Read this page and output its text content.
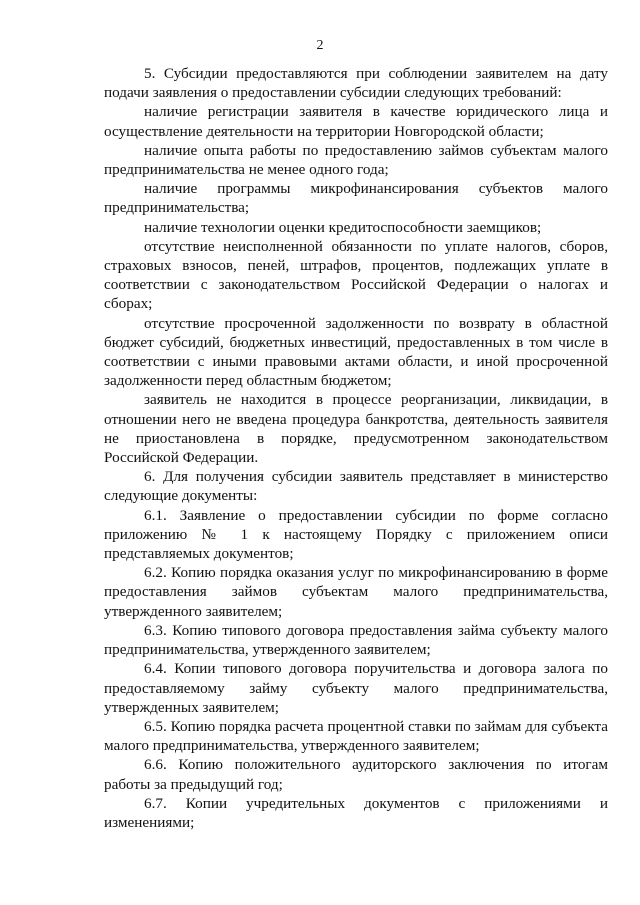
2

5. Субсидии предоставляются при соблюдении заявителем на дату подачи заявления о предоставлении субсидии следующих требований:

наличие регистрации заявителя в качестве юридического лица и осуществление деятельности на территории Новгородской области;

наличие опыта работы по предоставлению займов субъектам малого предпринимательства не менее одного года;

наличие программы микрофинансирования субъектов малого предпринимательства;

наличие технологии оценки кредитоспособности заемщиков;

отсутствие неисполненной обязанности по уплате налогов, сборов, страховых взносов, пеней, штрафов, процентов, подлежащих уплате в соответствии с законодательством Российской Федерации о налогах и сборах;

отсутствие просроченной задолженности по возврату в областной бюджет субсидий, бюджетных инвестиций, предоставленных в том числе в соответствии с иными правовыми актами области, и иной просроченной задолженности перед областным бюджетом;

заявитель не находится в процессе реорганизации, ликвидации, в отношении него не введена процедура банкротства, деятельность заявителя не приостановлена в порядке, предусмотренном законодательством Российской Федерации.

6. Для получения субсидии заявитель представляет в министерство следующие документы:

6.1. Заявление о предоставлении субсидии по форме согласно приложению № 1 к настоящему Порядку с приложением описи представляемых документов;

6.2. Копию порядка оказания услуг по микрофинансированию в форме предоставления займов субъектам малого предпринимательства, утвержденного заявителем;

6.3. Копию типового договора предоставления займа субъекту малого предпринимательства, утвержденного заявителем;

6.4. Копии типового договора поручительства и договора залога по предоставляемому займу субъекту малого предпринимательства, утвержденных заявителем;

6.5. Копию порядка расчета процентной ставки по займам для субъекта малого предпринимательства, утвержденного заявителем;

6.6. Копию положительного аудиторского заключения по итогам работы за предыдущий год;

6.7. Копии учредительных документов с приложениями и изменениями;
